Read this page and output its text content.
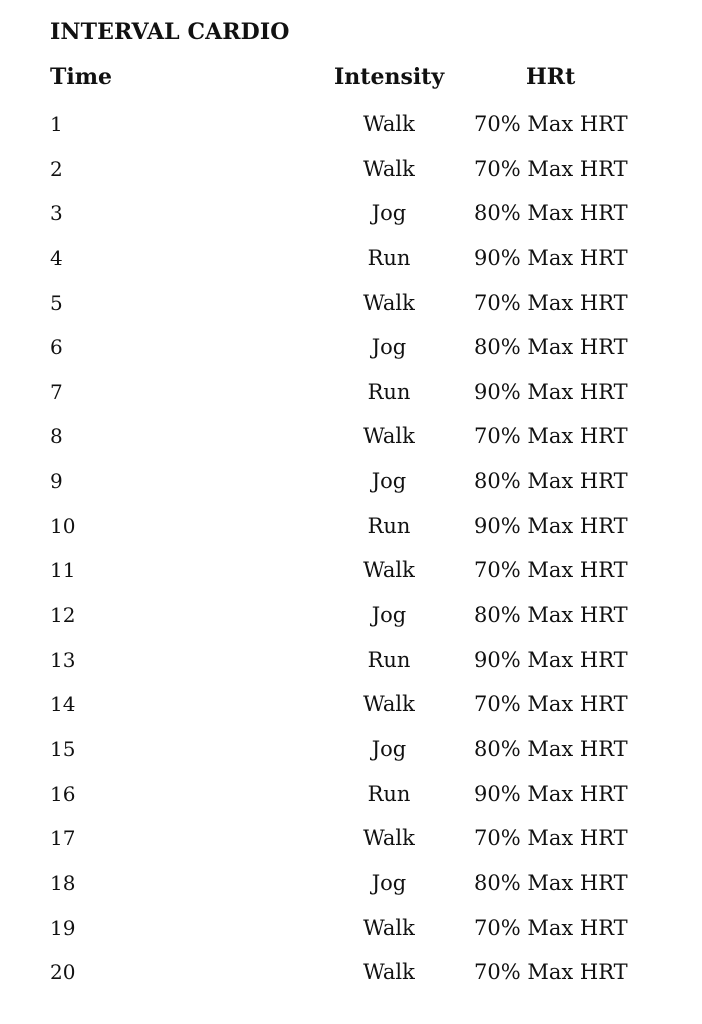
INTERVAL CARDIO
Time	Intensity	HRt
1	Walk	70% Max HRT
2	Walk	70% Max HRT
3	Jog	80% Max HRT
4	Run	90% Max HRT
5	Walk	70% Max HRT
6	Jog	80% Max HRT
7	Run	90% Max HRT
8	Walk	70% Max HRT
9	Jog	80% Max HRT
10	Run	90% Max HRT
11	Walk	70% Max HRT
12	Jog	80% Max HRT
13	Run	90% Max HRT
14	Walk	70% Max HRT
15	Jog	80% Max HRT
16	Run	90% Max HRT
17	Walk	70% Max HRT
18	Jog	80% Max HRT
19	Walk	70% Max HRT
20	Walk	70% Max HRT
